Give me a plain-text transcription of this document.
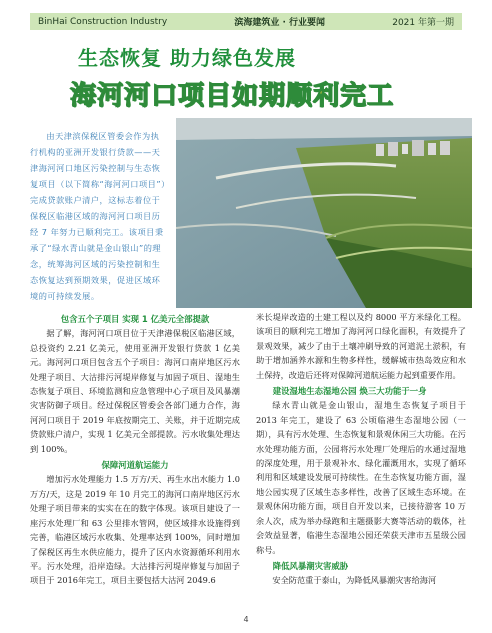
BinHai Construction Industry	滨海建筑业 · 行业要闻	2021 年第一期
生态恢复 助力绿色发展
海河河口项目如期顺利完工
由天津滨保税区管委会作为执行机构的亚洲开发银行贷款——天津海河河口地区污染控制与生态恢复项目（以下简称“海河河口项目”）完成贷款账户清户，这标志着位于保税区临港区域的海河河口项目历经 7 年努力已顺利完工。该项目秉承了“绿水青山就是金山银山”的理念，统筹海河区域的污染控制和生态恢复达到预期效果，促进区域环境的可持续发展。
包含五个子项目 实现 1 亿美元全部提款

据了解，海河河口项目位于天津港保税区临港区域，总投资约 2.21 亿美元，使用亚洲开发银行贷款 1 亿美元。海河河口项目包含五个子项目：海河口南岸地区污水处理子项目、大沽排污河堤岸修复与加固子项目、湿地生态恢复子项目、环境监测和应急管理中心子项目及风暴潮灾害防御子项目。经过保税区管委会各部门通力合作，海河河口项目于 2019 年底按期完工、关账，并于近期完成贷款账户清户，实现 1 亿美元全部提款。污水收集处理达到 100%。

保障河道航运能力

增加污水处理能力 1.5 万方/天、再生水出水能力 1.0 万方/天，这是 2019 年 10 月完工的海河口南岸地区污水处理子项目带来的实实在在的数字体现。该项目建设了一座污水处理厂和 63 公里排水管网，使区域排水设施得到完善，临港区域污水收集、处理率达到 100%，同时增加了保税区再生水供应能力，提升了区内水资源循环利用水平。污水处理，沿岸造绿。大沽排污河堤岸修复与加固子项目于 2016年完工，项目主要包括大沽河 2049.6

米长堤岸改造的土建工程以及约 8000 平方米绿化工程。该项目的顺利完工增加了海河河口绿化面积，有效提升了景观效果，减少了由于土壤冲刷导致的河道泥土淤积，有助于增加涵养水源和生物多样性，缓解城市热岛效应和水土保持，改造后还将对保障河道航运能力起到重要作用。

建设湿地生态湿地公园 焕三大功能于一身

绿水青山就是金山银山，湿地生态恢复子项目于 2013 年完工，建设了 63 公顷临港生态湿地公园（一期），具有污水处理、生态恢复和景观休闲三大功能。在污水处理功能方面，公园将污水处理厂处理后的水通过湿地的深度处理，用于景观补水、绿化灌溉用水，实现了循环利用和区域建设发展可持续性。在生态恢复功能方面，湿地公园实现了区域生态多样性，改善了区域生态环境。在景观休闲功能方面，项目自开发以来，已接待游客 10 万余人次，成为举办绿跑和主题摄影大赛等活动的载体，社会效益显著，临港生态湿地公园还荣获天津市五星级公园称号。

降低风暴潮灾害威胁

安全防范重于泰山，为降低风暴潮灾害给海河

4
